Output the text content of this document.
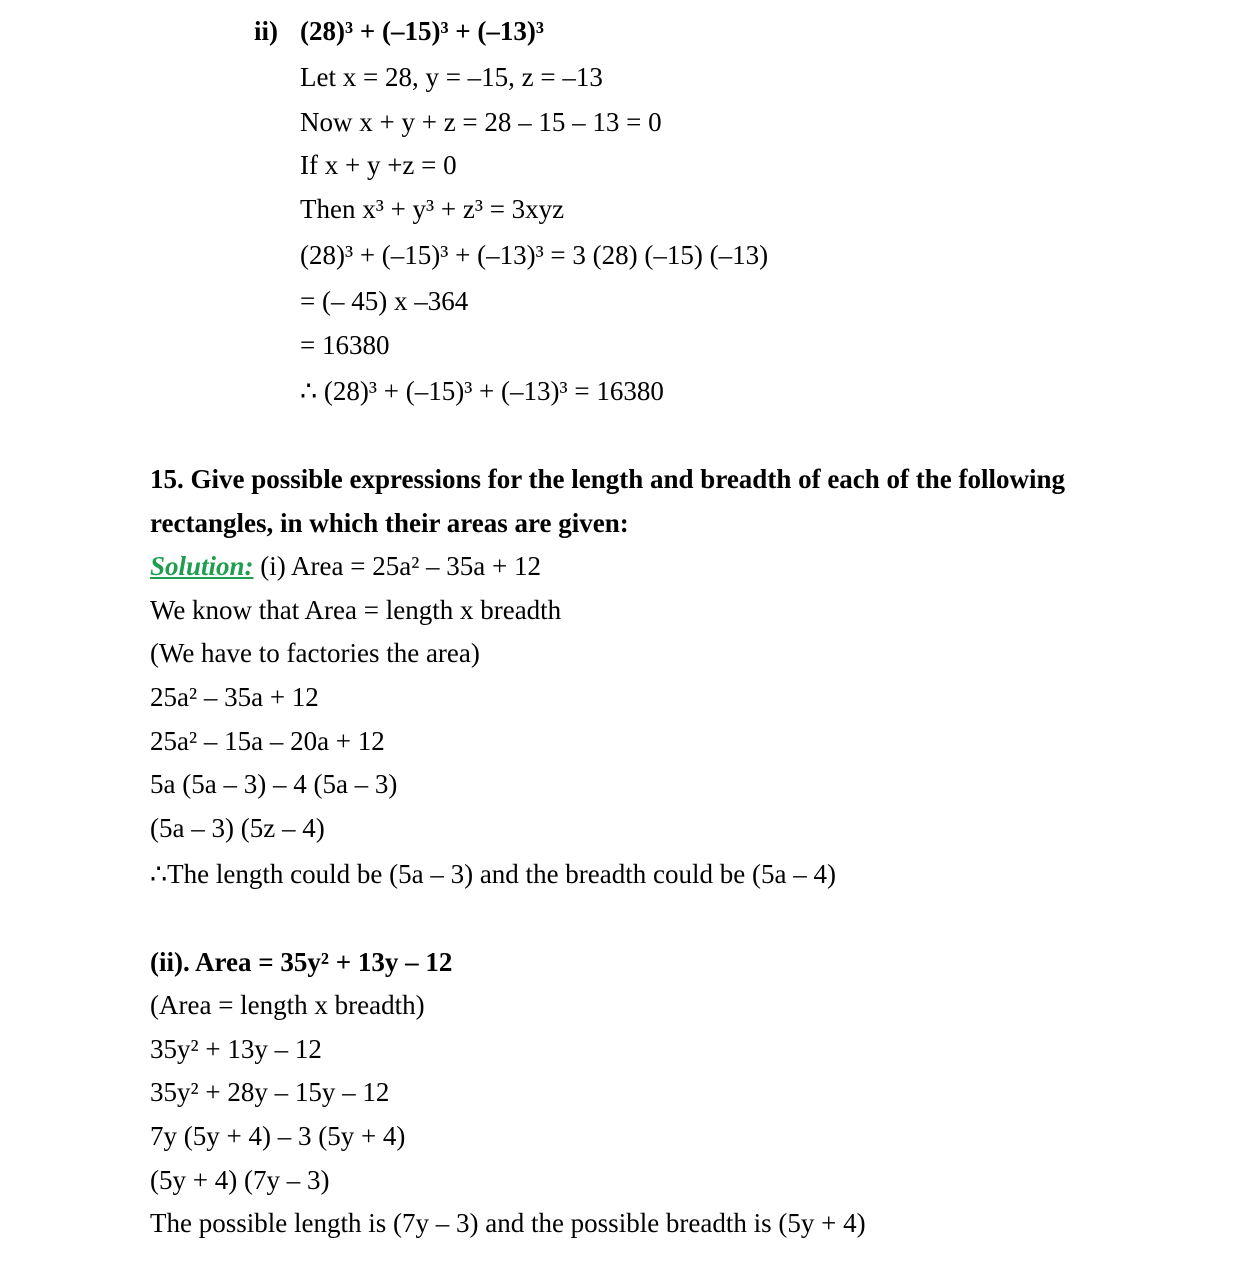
ii) (28)³ + (–15)³ + (–13)³
Let x = 28, y = –15, z = –13
Now x + y + z = 28 – 15 – 13 = 0
If x + y +z = 0
Then x³ + y³ + z³ = 3xyz
(28)³ + (–15)³ + (–13)³ = 3 (28) (–15) (–13)
= (– 45) x –364
= 16380
∴ (28)³ + (–15)³ + (–13)³ = 16380
15. Give possible expressions for the length and breadth of each of the following
rectangles, in which their areas are given:
Solution: (i) Area = 25a² – 35a + 12
We know that Area = length x breadth
(We have to factories the area)
25a² – 35a + 12
25a² – 15a – 20a + 12
5a (5a – 3) – 4 (5a – 3)
(5a – 3) (5z – 4)
∴The length could be (5a – 3) and the breadth could be (5a – 4)
(ii). Area = 35y² + 13y – 12
(Area = length x breadth)
35y² + 13y – 12
35y² + 28y – 15y – 12
7y (5y + 4) – 3 (5y + 4)
(5y + 4) (7y – 3)
The possible length is (7y – 3) and the possible breadth is (5y + 4)
